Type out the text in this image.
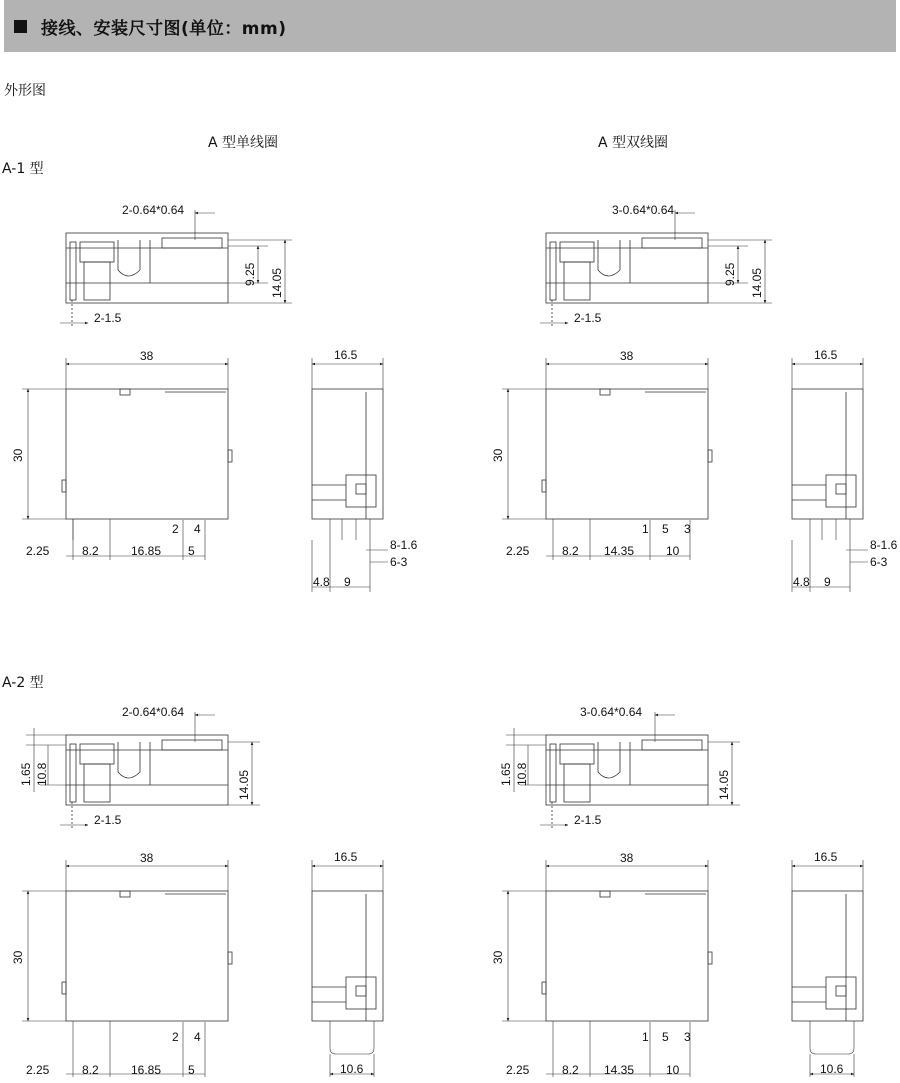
接线、安装尺寸图(单位：mm)
外形图
A 型单线圈	A 型双线圈
A-1 型
A-2 型
2-0.64*0.64
9.25 14.05
2-1.5
38
30
2.25	8.2	16.85 5
2 4
16.5
8-1.6
6-3
4.8 9
3-0.64*0.64
9.25 14.05
2-1.5
38
30
2.25	8.2 14.35	10
1 5 3
16.5
8-1.6
6-3
4.8 9
2-0.64*0.64
14.05
1.65 10.8
2-1.5
38
30
2.25	8.2	16.85 5
2 4
16.5
10.6
3-0.64*0.64
14.05
1.65 10.8
2-1.5
38
30
2.25	8.2 14.35	10
1 5 3
16.5
10.6
